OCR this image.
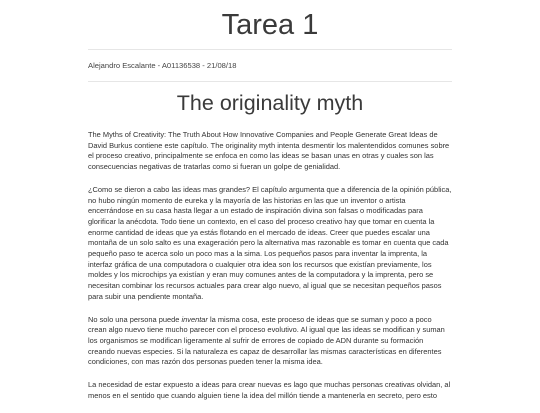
Tarea 1

Alejandro Escalante - A01136538 - 21/08/18

The originality myth

The Myths of Creativity: The Truth About How Innovative Companies and People Generate Great Ideas de David Burkus contiene este capítulo. The originality myth intenta desmentir los malentendidos comunes sobre el proceso creativo, principalmente se enfoca en como las ideas se basan unas en otras y cuales son las consecuencias negativas de tratarlas como si fueran un golpe de genialidad.

¿Como se dieron a cabo las ideas mas grandes? El capítulo argumenta que a diferencia de la opinión pública, no hubo ningún momento de eureka y la mayoría de las historias en las que un inventor o artista encerrándose en su casa hasta llegar a un estado de inspiración divina son falsas o modificadas para glorificar la anécdota. Todo tiene un contexto, en el caso del proceso creativo hay que tomar en cuenta la enorme cantidad de ideas que ya estás flotando en el mercado de ideas. Creer que puedes escalar una montaña de un solo salto es una exageración pero la alternativa mas razonable es tomar en cuenta que cada pequeño paso te acerca solo un poco mas a la sima. Los pequeños pasos para inventar la imprenta, la interfaz gráfica de una computadora o cualquier otra idea son los recursos que existían previamente, los moldes y los microchips ya existían y eran muy comunes antes de la computadora y la imprenta, pero se necesitan combinar los recursos actuales para crear algo nuevo, al igual que se necesitan pequeños pasos para subir una pendiente montaña.

No solo una persona puede inventar la misma cosa, este proceso de ideas que se suman y poco a poco crean algo nuevo tiene mucho parecer con el proceso evolutivo. Al igual que las ideas se modifican y suman los organismos se modifican ligeramente al sufrir de errores de copiado de ADN durante su formación creando nuevas especies. Si la naturaleza es capaz de desarrollar las mismas características en diferentes condiciones, con mas razón dos personas pueden tener la misma idea.

La necesidad de estar expuesto a ideas para crear nuevas es lago que muchas personas creativas olvidan, al menos en el sentido que cuando alguien tiene la idea del millón tiende a mantenerla en secreto, pero esto
